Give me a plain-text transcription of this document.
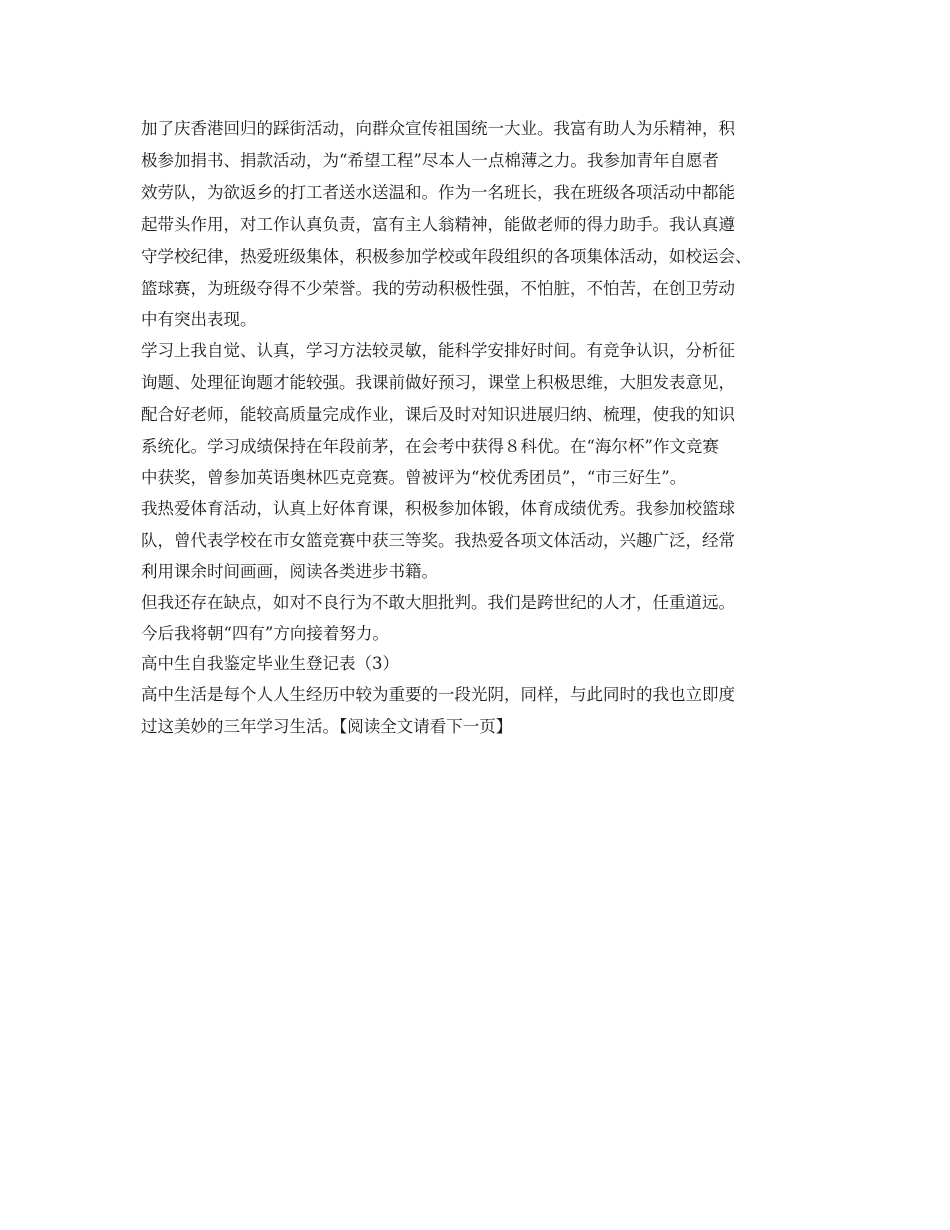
加了庆香港回归的踩街活动，向群众宣传祖国统一大业。我富有助人为乐精神，积
极参加捐书、捐款活动，为“希望工程”尽本人一点棉薄之力。我参加青年自愿者
效劳队，为欲返乡的打工者送水送温和。作为一名班长，我在班级各项活动中都能
起带头作用，对工作认真负责，富有主人翁精神，能做老师的得力助手。我认真遵
守学校纪律，热爱班级集体，积极参加学校或年段组织的各项集体活动，如校运会、
篮球赛，为班级夺得不少荣誉。我的劳动积极性强，不怕脏，不怕苦，在创卫劳动
中有突出表现。
学习上我自觉、认真，学习方法较灵敏，能科学安排好时间。有竞争认识，分析征
询题、处理征询题才能较强。我课前做好预习，课堂上积极思维，大胆发表意见，
配合好老师，能较高质量完成作业，课后及时对知识进展归纳、梳理，使我的知识
系统化。学习成绩保持在年段前茅，在会考中获得８科优。在“海尔杯”作文竞赛
中获奖，曾参加英语奥林匹克竞赛。曾被评为“校优秀团员”，“市三好生”。
我热爱体育活动，认真上好体育课，积极参加体锻，体育成绩优秀。我参加校篮球
队，曾代表学校在市女篮竞赛中获三等奖。我热爱各项文体活动，兴趣广泛，经常
利用课余时间画画，阅读各类进步书籍。
但我还存在缺点，如对不良行为不敢大胆批判。我们是跨世纪的人才，任重道远。
今后我将朝“四有”方向接着努力。
高中生自我鉴定毕业生登记表（3）
高中生活是每个人人生经历中较为重要的一段光阴，同样，与此同时的我也立即度
过这美妙的三年学习生活。【阅读全文请看下一页】
